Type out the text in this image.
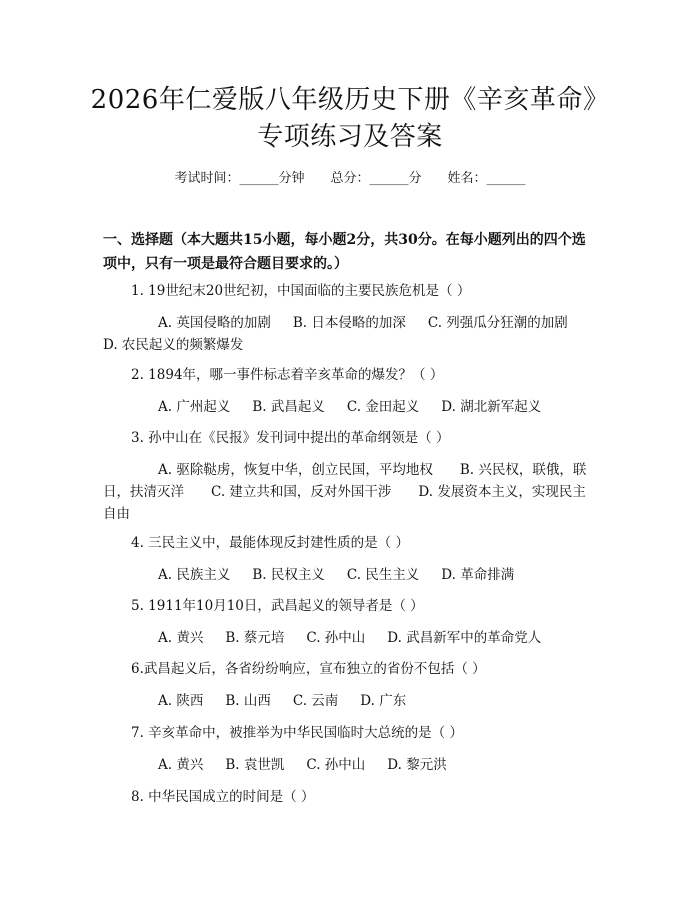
2026年仁爱版八年级历史下册《辛亥革命》
专项练习及答案
考试时间：______分钟　　 总分：______分　　 姓名：______
一、选择题（本大题共15小题，每小题2分，共30分。在每小题列出的四个选
项中，只有一项是最符合题目要求的。）
1. 19世纪末20世纪初，中国面临的主要民族危机是（ ）
A. 英国侵略的加剧 B. 日本侵略的加深 C. 列强瓜分狂潮的加剧
D. 农民起义的频繁爆发
2. 1894年，哪一事件标志着辛亥革命的爆发？（ ）
A. 广州起义 B. 武昌起义 C. 金田起义 D. 湖北新军起义
3. 孙中山在《民报》发刊词中提出的革命纲领是（ ）
A. 驱除鞑虏，恢复中华，创立民国，平均地权　　B. 兴民权，联俄，联
日，扶清灭洋　　C. 建立共和国，反对外国干涉　　D. 发展资本主义，实现民主
自由
4. 三民主义中，最能体现反封建性质的是（ ）
A. 民族主义 B. 民权主义 C. 民生主义 D. 革命排满
5. 1911年10月10日，武昌起义的领导者是（ ）
A. 黄兴 B. 蔡元培 C. 孙中山 D. 武昌新军中的革命党人
6.武昌起义后，各省纷纷响应，宣布独立的省份不包括（ ）
A. 陕西 B. 山西 C. 云南 D. 广东
7. 辛亥革命中，被推举为中华民国临时大总统的是（ ）
A. 黄兴 B. 袁世凯 C. 孙中山 D. 黎元洪
8. 中华民国成立的时间是（ ）
